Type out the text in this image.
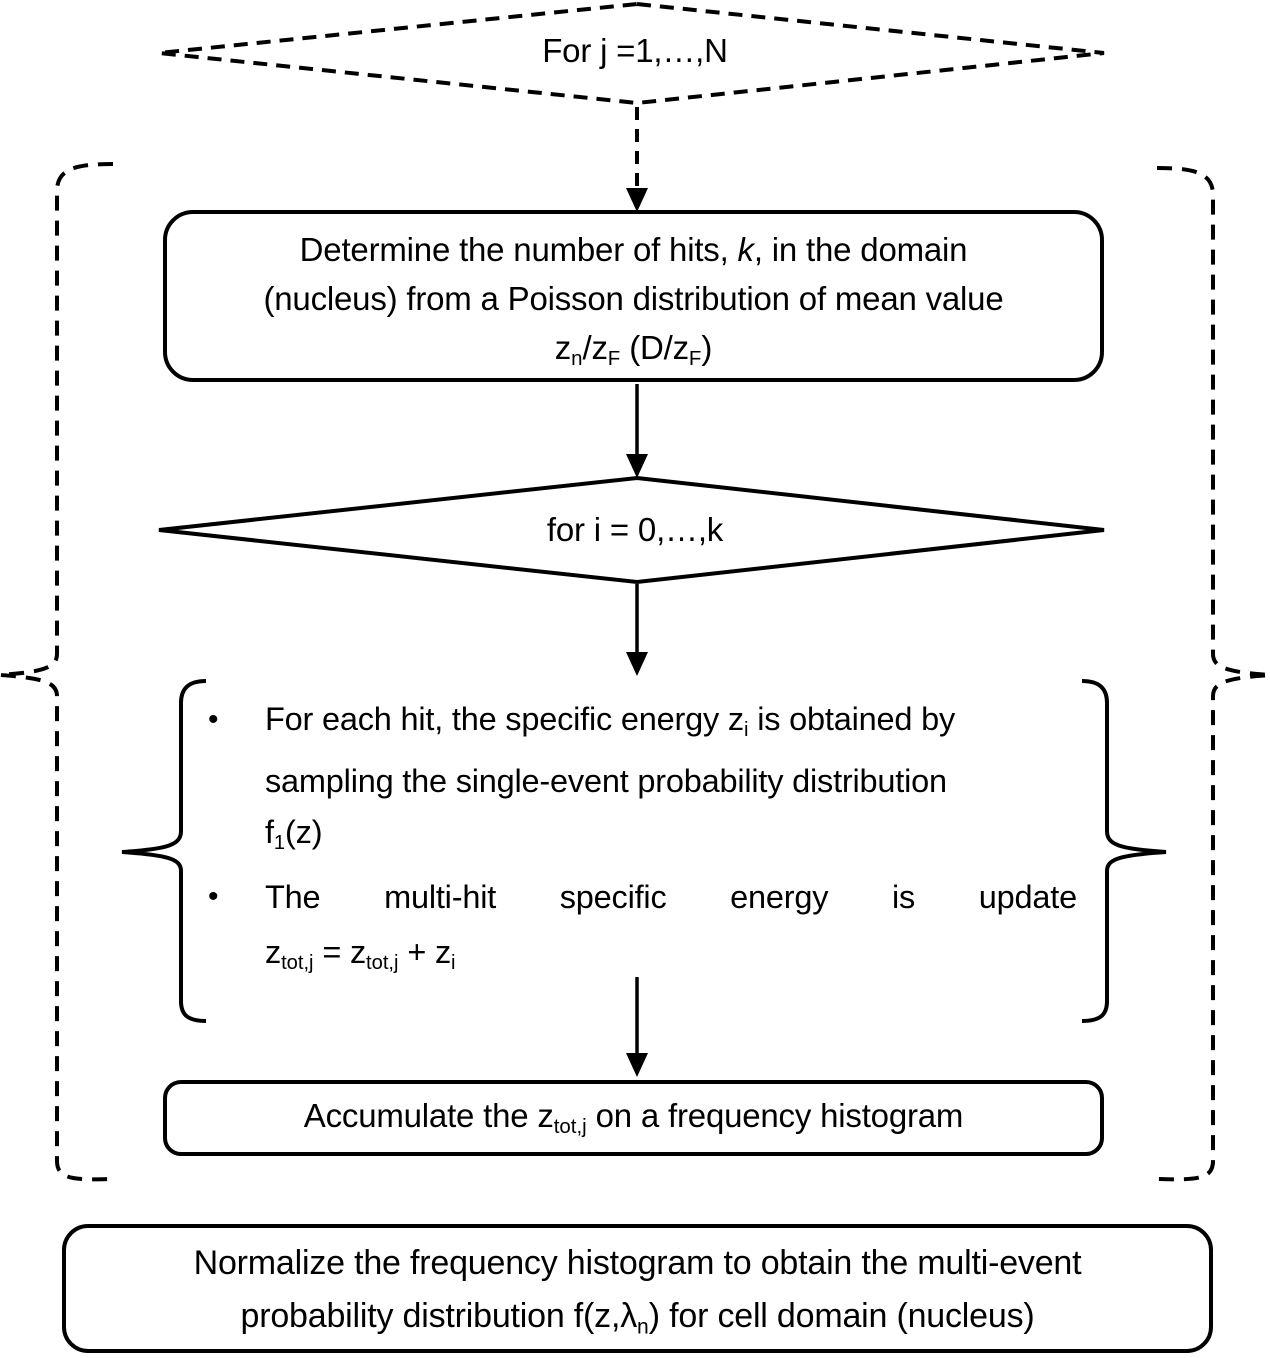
For j =1,…,N
Determine the number of hits, k, in the domain
(nucleus) from a Poisson distribution of mean value
zn/zF (D/zF)
for i = 0,…,k
•	For each hit, the specific energy zi is obtained by
sampling the single-event probability distribution
f1(z)
•	The multi-hit specific energy is update
ztot,j = ztot,j + zi
Accumulate the ztot,j on a frequency histogram
Normalize the frequency histogram to obtain the multi-event
probability distribution f(z,λn) for cell domain (nucleus)
